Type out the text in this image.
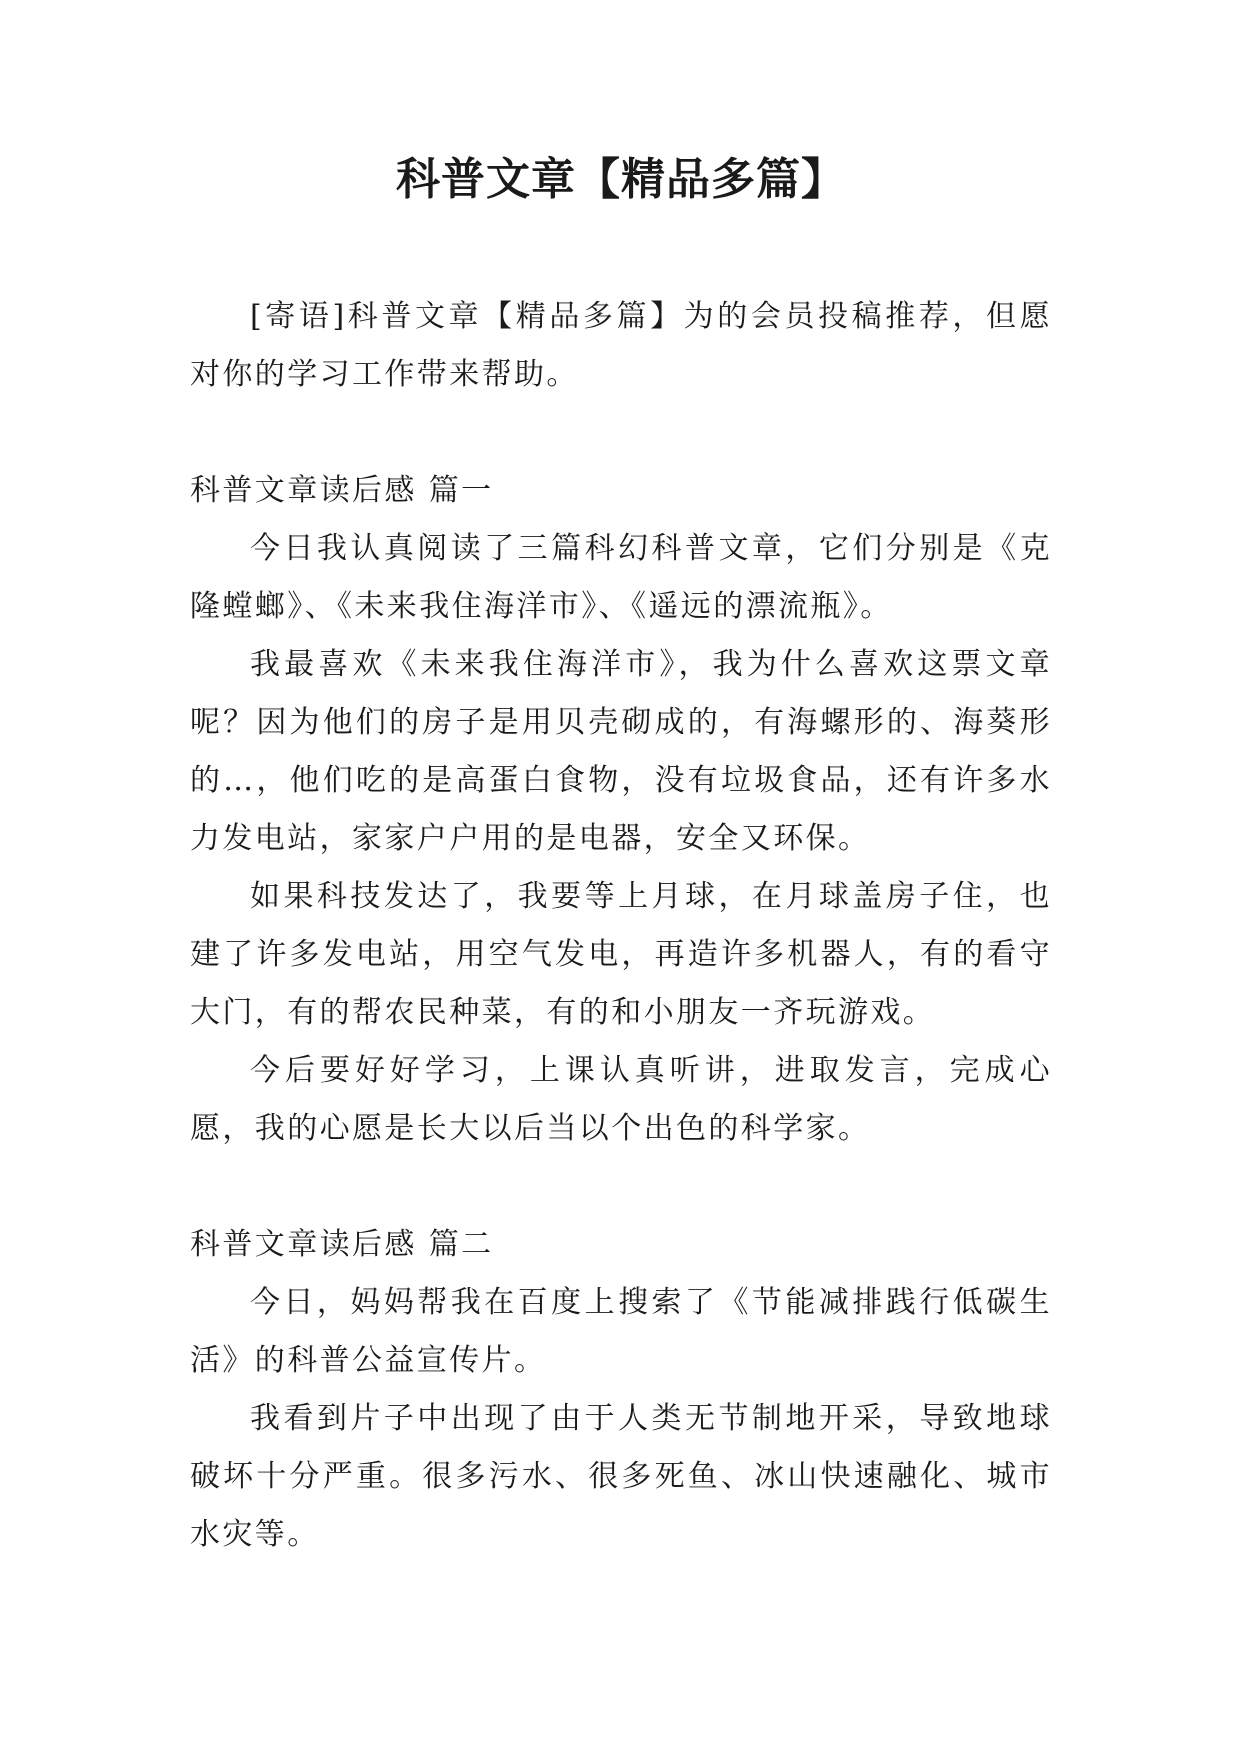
科普文章【精品多篇】

[寄语]科普文章【精品多篇】为的会员投稿推荐，但愿对你的学习工作带来帮助。

科普文章读后感 篇一

今日我认真阅读了三篇科幻科普文章，它们分别是《克隆螳螂》、《未来我住海洋市》、《遥远的漂流瓶》。

我最喜欢《未来我住海洋市》，我为什么喜欢这票文章呢？因为他们的房子是用贝壳砌成的，有海螺形的、海葵形的…，他们吃的是高蛋白食物，没有垃圾食品，还有许多水力发电站，家家户户用的是电器，安全又环保。

如果科技发达了，我要等上月球，在月球盖房子住，也建了许多发电站，用空气发电，再造许多机器人，有的看守大门，有的帮农民种菜，有的和小朋友一齐玩游戏。

今后要好好学习，上课认真听讲，进取发言，完成心愿，我的心愿是长大以后当以个出色的科学家。

科普文章读后感 篇二

今日，妈妈帮我在百度上搜索了《节能减排践行低碳生活》的科普公益宣传片。

我看到片子中出现了由于人类无节制地开采，导致地球破坏十分严重。很多污水、很多死鱼、冰山快速融化、城市水灾等。
